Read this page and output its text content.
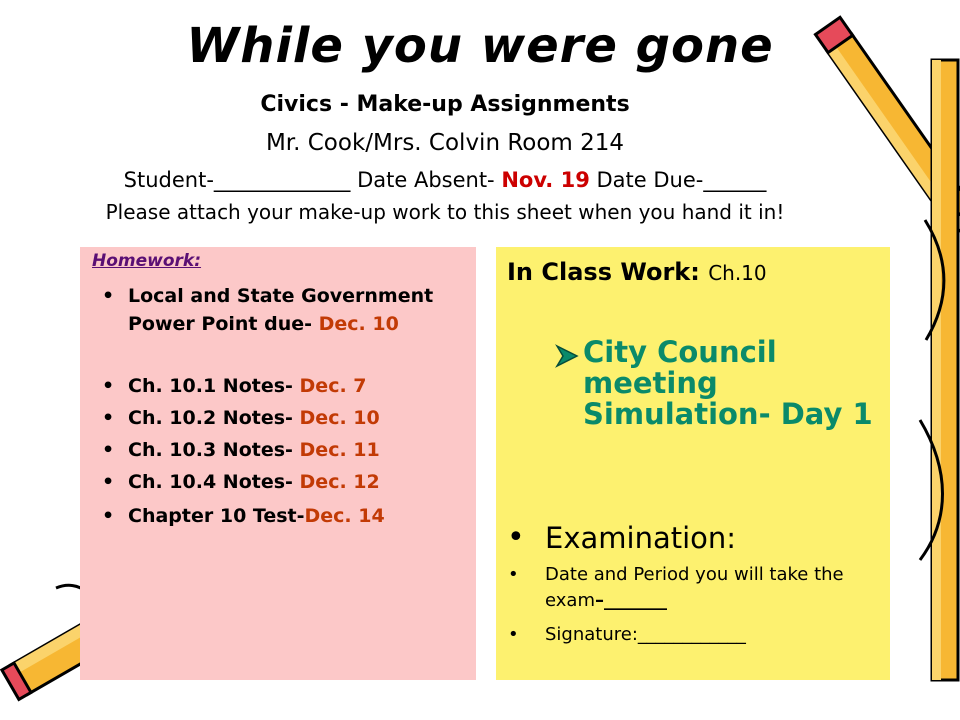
While you were gone
Civics - Make-up Assignments
Mr. Cook/Mrs. Colvin Room 214
Student-_____________ Date Absent- Nov. 19 Date Due-______
Please attach your make-up work to this sheet when you hand it in!
Homework:
• Local and State Government Power Point due- Dec. 10
• Ch. 10.1 Notes- Dec. 7
• Ch. 10.2 Notes- Dec. 10
• Ch. 10.3 Notes- Dec. 11
• Ch. 10.4 Notes- Dec. 12
• Chapter 10 Test-Dec. 14
In Class Work: Ch.10
City Council meeting Simulation- Day 1
• Examination:
• Date and Period you will take the exam–_______
• Signature:____________
